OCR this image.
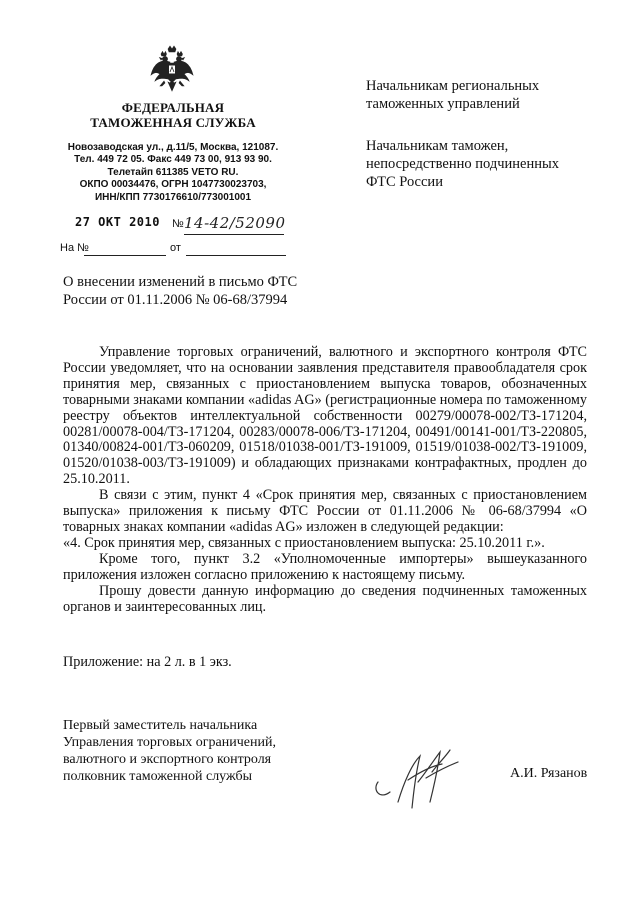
ФЕДЕРАЛЬНАЯ
ТАМОЖЕННАЯ СЛУЖБА
Новозаводская ул., д.11/5, Москва, 121087.
Тел. 449 72 05. Факс 449 73 00, 913 93 90.
Телетайп 611385 VETO RU.
ОКПО 00034476, ОГРН 1047730023703,
ИНН/КПП 7730176610/773001001
27 ОКТ 2010 № 14-42/52090
На №	от
Начальникам региональных
таможенных управлений
Начальникам таможен,
непосредственно подчиненных
ФТС России
О внесении изменений в письмо ФТС
России от 01.11.2006 № 06-68/37994

Управление торговых ограничений, валютного и экспортного контроля ФТС России уведомляет, что на основании заявления представителя правообладателя срок принятия мер, связанных с приостановлением выпуска товаров, обозначенных товарными знаками компании «adidas AG» (регистрационные номера по таможенному реестру объектов интеллектуальной собственности 00279/00078-002/ТЗ-171204, 00281/00078-004/ТЗ-171204, 00283/00078-006/ТЗ-171204, 00491/00141-001/ТЗ-220805, 01340/00824-001/ТЗ-060209, 01518/01038-001/ТЗ-191009, 01519/01038-002/ТЗ-191009, 01520/01038-003/ТЗ-191009) и обладающих признаками контрафактных, продлен до 25.10.2011.

В связи с этим, пункт 4 «Срок принятия мер, связанных с приостановлением выпуска» приложения к письму ФТС России от 01.11.2006 № 06-68/37994 «О товарных знаках компании «adidas AG» изложен в следующей редакции:

«4. Срок принятия мер, связанных с приостановлением выпуска: 25.10.2011 г.».

Кроме того, пункт 3.2 «Уполномоченные импортеры» вышеуказанного приложения изложен согласно приложению к настоящему письму.

Прошу довести данную информацию до сведения подчиненных таможенных органов и заинтересованных лиц.

Приложение: на 2 л. в 1 экз.
Первый заместитель начальника
Управления торговых ограничений,
валютного и экспортного контроля
полковник таможенной службы	А.И. Рязанов
